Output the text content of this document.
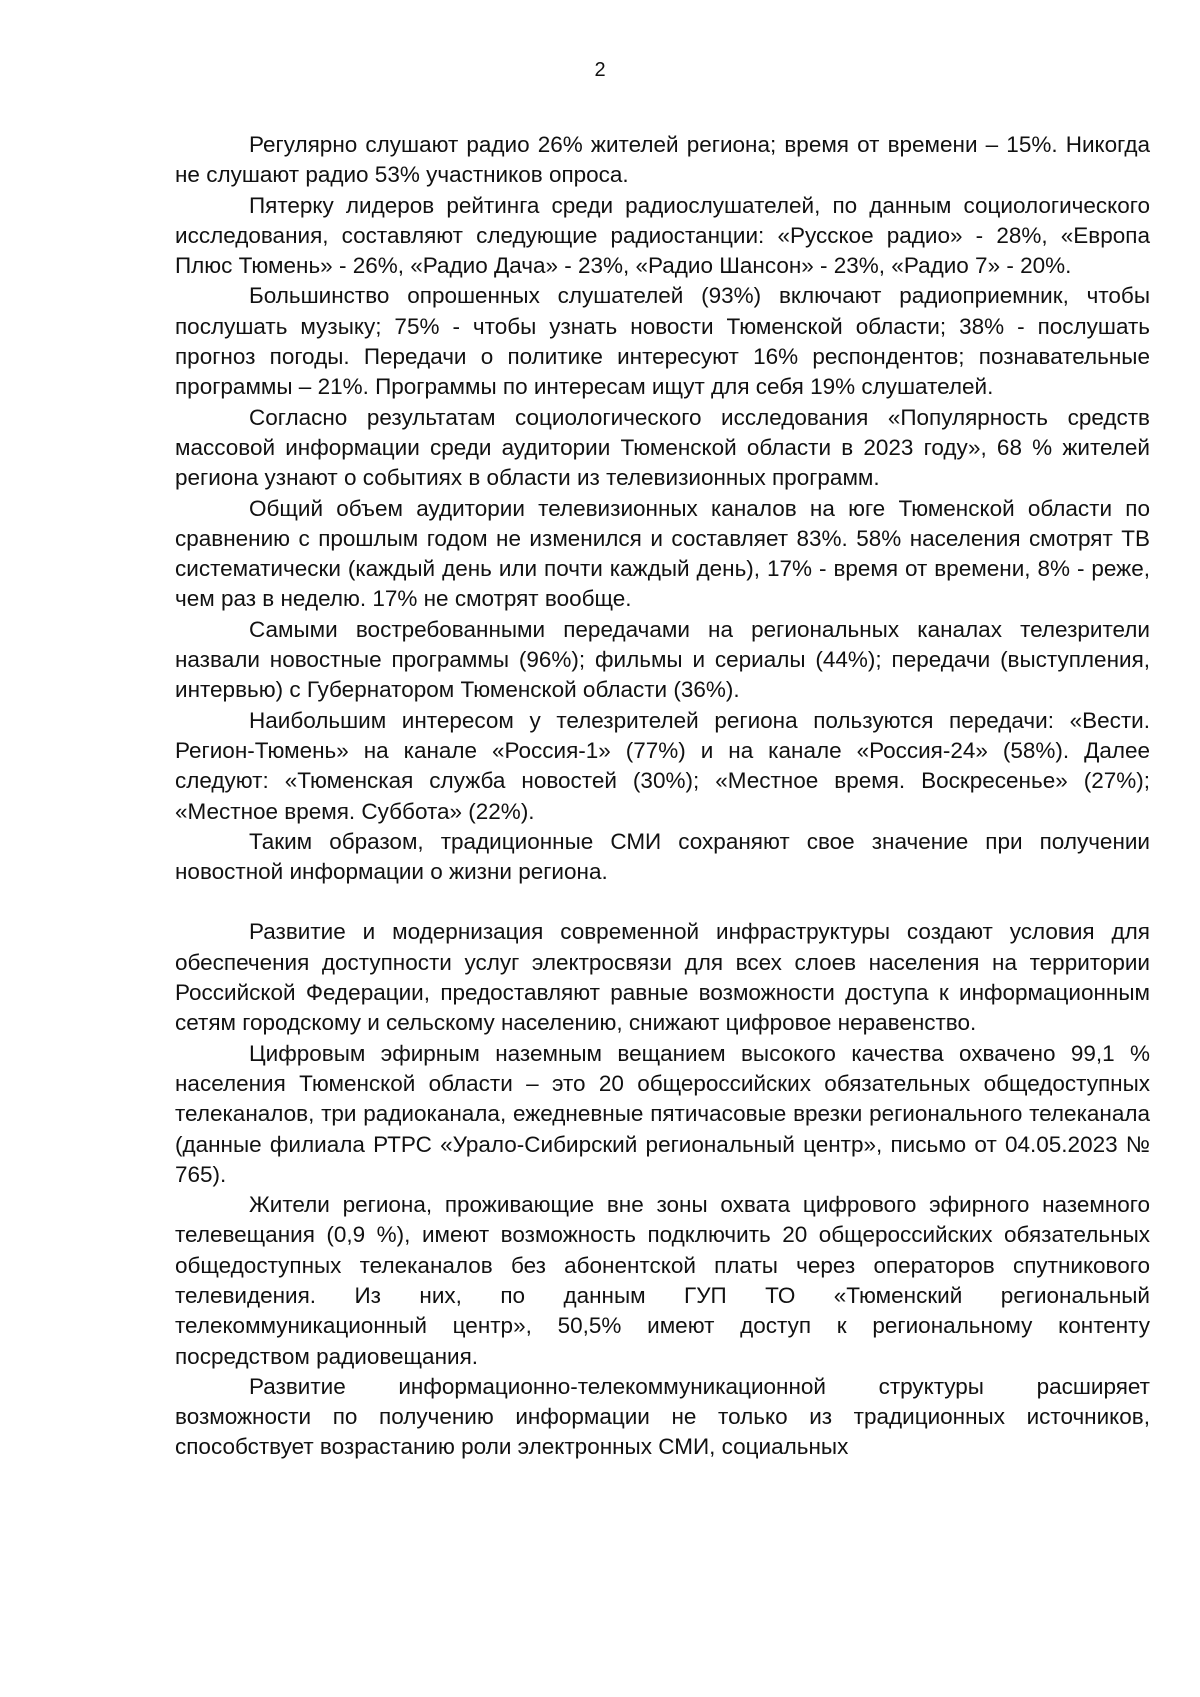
2

Регулярно слушают радио 26% жителей региона; время от времени – 15%. Никогда не слушают радио 53% участников опроса.

Пятерку лидеров рейтинга среди радиослушателей, по данным социологического исследования, составляют следующие радиостанции: «Русское радио» - 28%, «Европа Плюс Тюмень» - 26%, «Радио Дача» - 23%, «Радио Шансон» - 23%, «Радио 7» - 20%.

Большинство опрошенных слушателей (93%) включают радиоприемник, чтобы послушать музыку; 75% - чтобы узнать новости Тюменской области; 38% - послушать прогноз погоды. Передачи о политике интересуют 16% респондентов; познавательные программы – 21%. Программы по интересам ищут для себя 19% слушателей.

Согласно результатам социологического исследования «Популярность средств массовой информации среди аудитории Тюменской области в 2023 году», 68 % жителей региона узнают о событиях в области из телевизионных программ.

Общий объем аудитории телевизионных каналов на юге Тюменской области по сравнению с прошлым годом не изменился и составляет 83%. 58% населения смотрят ТВ систематически (каждый день или почти каждый день), 17% - время от времени, 8% - реже, чем раз в неделю. 17% не смотрят вообще.

Самыми востребованными передачами на региональных каналах телезрители назвали новостные программы (96%); фильмы и сериалы (44%); передачи (выступления, интервью) с Губернатором Тюменской области (36%).

Наибольшим интересом у телезрителей региона пользуются передачи: «Вести. Регион-Тюмень» на канале «Россия-1» (77%) и на канале «Россия-24» (58%). Далее следуют: «Тюменская служба новостей (30%); «Местное время. Воскресенье» (27%); «Местное время. Суббота» (22%).

Таким образом, традиционные СМИ сохраняют свое значение при получении новостной информации о жизни региона.

Развитие и модернизация современной инфраструктуры создают условия для обеспечения доступности услуг электросвязи для всех слоев населения на территории Российской Федерации, предоставляют равные возможности доступа к информационным сетям городскому и сельскому населению, снижают цифровое неравенство.

Цифровым эфирным наземным вещанием высокого качества охвачено 99,1 % населения Тюменской области – это 20 общероссийских обязательных общедоступных телеканалов, три радиоканала, ежедневные пятичасовые врезки регионального телеканала (данные филиала РТРС «Урало-Сибирский региональный центр», письмо от 04.05.2023 № 765).

Жители региона, проживающие вне зоны охвата цифрового эфирного наземного телевещания (0,9 %), имеют возможность подключить 20 общероссийских обязательных общедоступных телеканалов без абонентской платы через операторов спутникового телевидения. Из них, по данным ГУП ТО «Тюменский региональный телекоммуникационный центр», 50,5% имеют доступ к региональному контенту посредством радиовещания.

Развитие информационно-телекоммуникационной структуры расширяет возможности по получению информации не только из традиционных источников, способствует возрастанию роли электронных СМИ, социальных
